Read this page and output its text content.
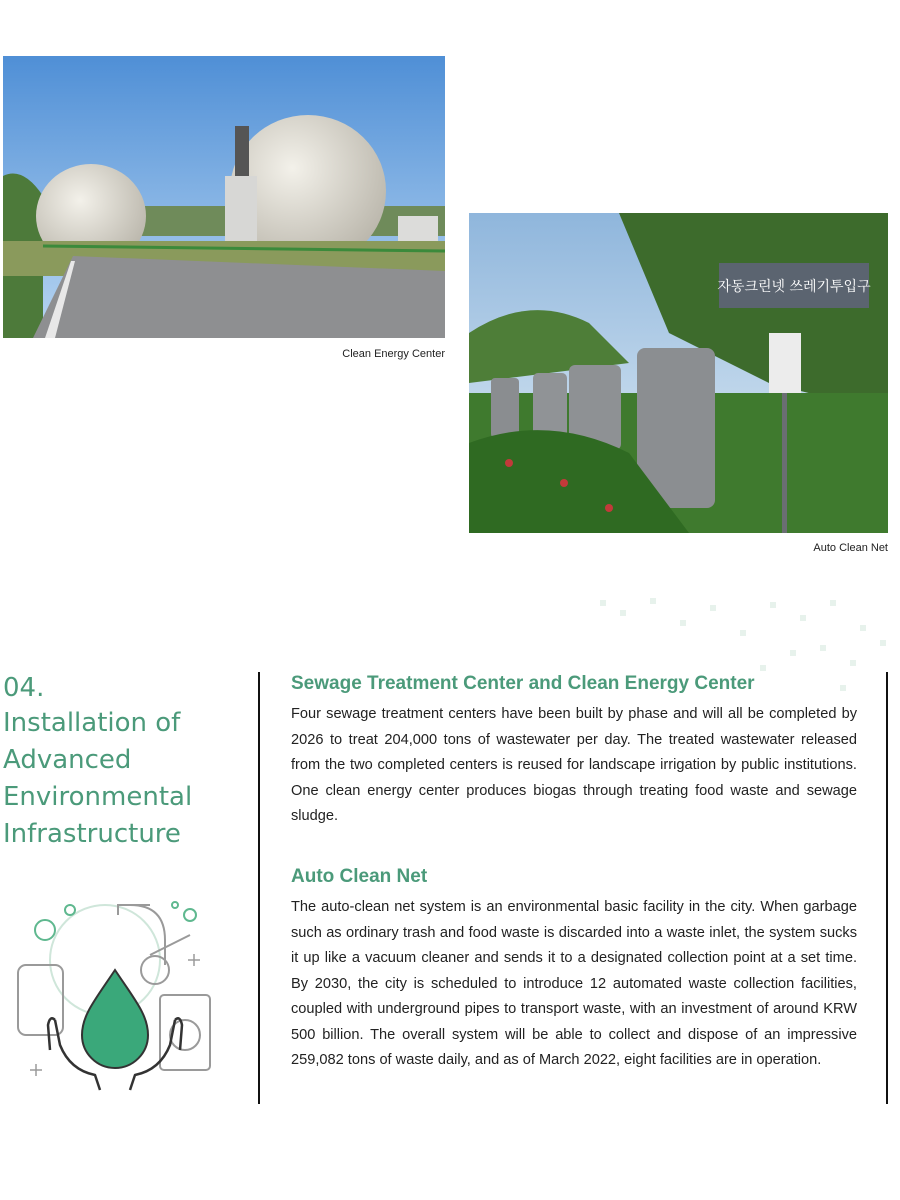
Clean Energy Center
자동크린넷 쓰레기투입구
Auto Clean Net
04.
Installation of
Advanced
Environmental
Infrastructure
Sewage Treatment Center and Clean Energy Center

Four sewage treatment centers have been built by phase and will all be completed by 2026 to treat 204,000 tons of wastewater per day. The treated wastewater released from the two completed centers is reused for landscape irrigation by public institutions. One clean energy center produces biogas through treating food waste and sewage sludge.

Auto Clean Net

The auto-clean net system is an environmental basic facility in the city. When garbage such as ordinary trash and food waste is discarded into a waste inlet, the system sucks it up like a vacuum cleaner and sends it to a designated collection point at a set time. By 2030, the city is scheduled to introduce 12 automated waste collection facilities, coupled with underground pipes to transport waste, with an investment of around KRW 500 billion. The overall system will be able to collect and dispose of an impressive 259,082 tons of waste daily, and as of March 2022, eight facilities are in operation.
